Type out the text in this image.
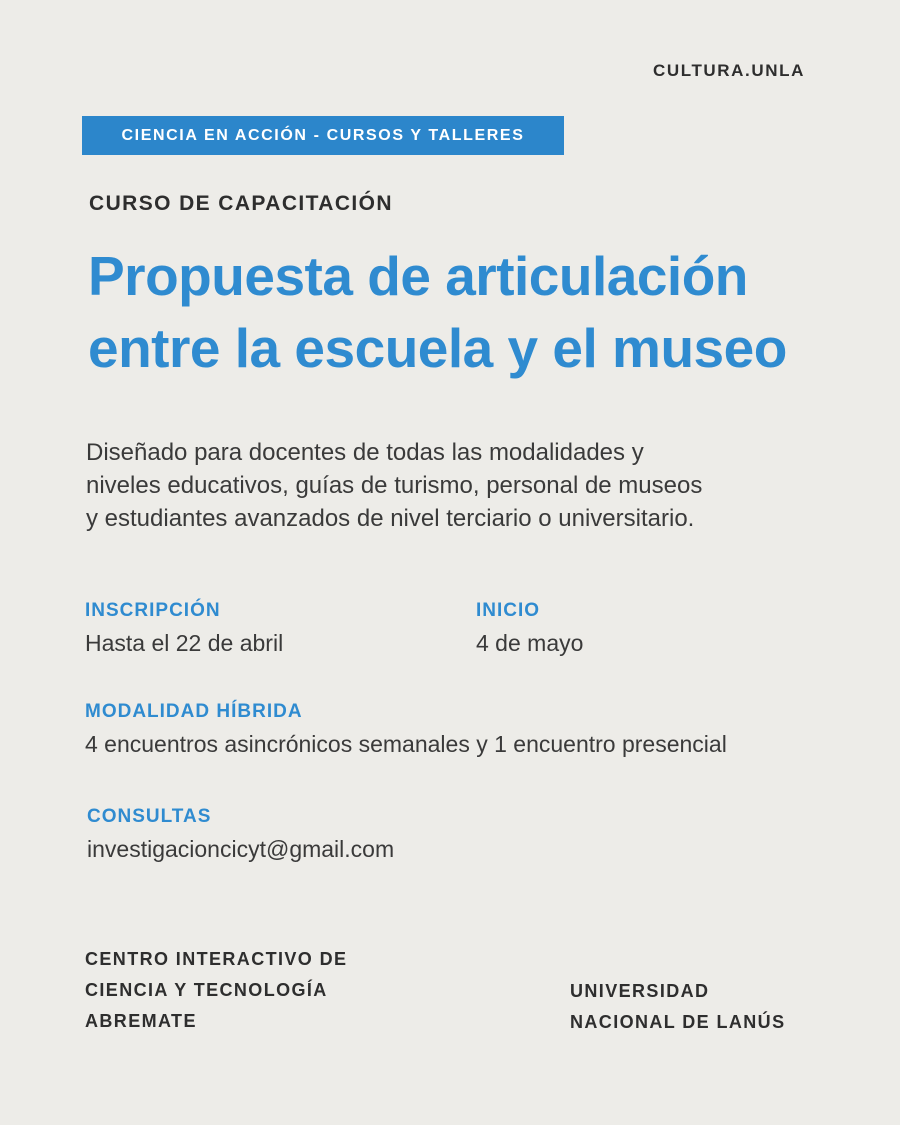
CULTURA.UNLA
CIENCIA EN ACCIÓN - CURSOS Y TALLERES
CURSO DE CAPACITACIÓN
Propuesta de articulación
entre la escuela y el museo
Diseñado para docentes de todas las modalidades y
niveles educativos, guías de turismo, personal de museos
y estudiantes avanzados de nivel terciario o universitario.
INSCRIPCIÓN
Hasta el 22 de abril
INICIO
4 de mayo
MODALIDAD HÍBRIDA
4 encuentros asincrónicos semanales y 1 encuentro presencial
CONSULTAS
investigacioncicyt@gmail.com
CENTRO INTERACTIVO DE
CIENCIA Y TECNOLOGÍA
ABREMATE
UNIVERSIDAD
NACIONAL DE LANÚS
